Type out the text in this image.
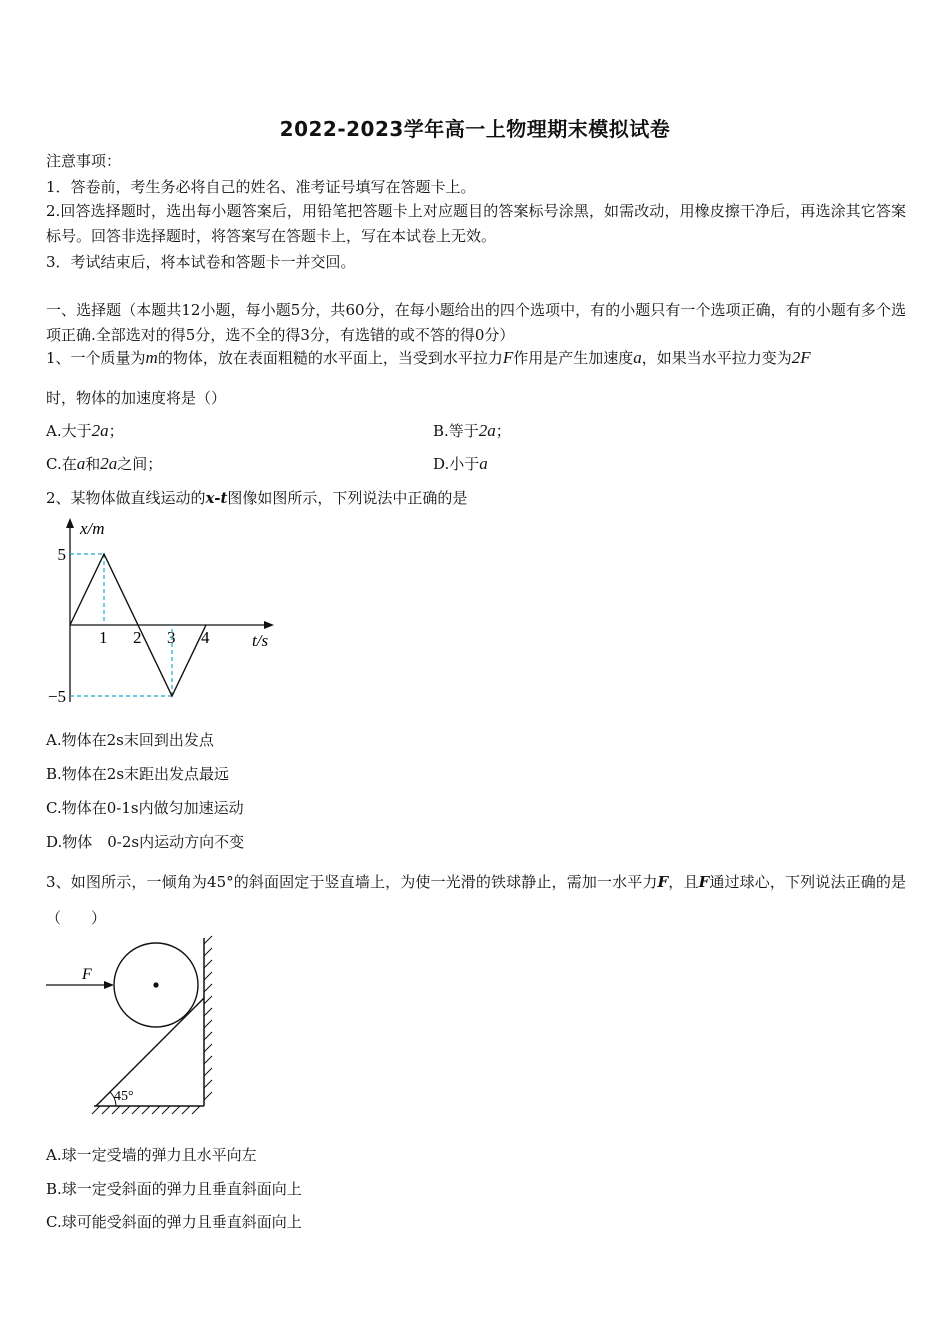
2022-2023学年高一上物理期末模拟试卷
注意事项：
1．答卷前，考生务必将自己的姓名、准考证号填写在答题卡上。
2.回答选择题时，选出每小题答案后，用铅笔把答题卡上对应题目的答案标号涂黑，如需改动，用橡皮擦干净后，再选涂其它答案标号。回答非选择题时，将答案写在答题卡上，写在本试卷上无效。
3．考试结束后，将本试卷和答题卡一并交回。
一、选择题（本题共12小题，每小题5分，共60分，在每小题给出的四个选项中，有的小题只有一个选项正确，有的小题有多个选项正确.全部选对的得5分，选不全的得3分，有选错的或不答的得0分）
1、一个质量为m的物体，放在表面粗糙的水平面上，当受到水平拉力F作用是产生加速度a，如果当水平拉力变为2F
时，物体的加速度将是（）
A.大于2a；	B.等于2a；
C.在a和2a之间；	D.小于a
2、某物体做直线运动的x-t图像如图所示，下列说法中正确的是
x/m
t/s
1 2 3 4
5
−5
A.物体在2s末回到出发点
B.物体在2s末距出发点最远
C.物体在0-1s内做匀加速运动
D.物体　0-2s内运动方向不变
3、如图所示，一倾角为45°的斜面固定于竖直墙上，为使一光滑的铁球静止，需加一水平力F，且F通过球心，下列说法正确的是（　　）
45°
F
A.球一定受墙的弹力且水平向左
B.球一定受斜面的弹力且垂直斜面向上
C.球可能受斜面的弹力且垂直斜面向上
